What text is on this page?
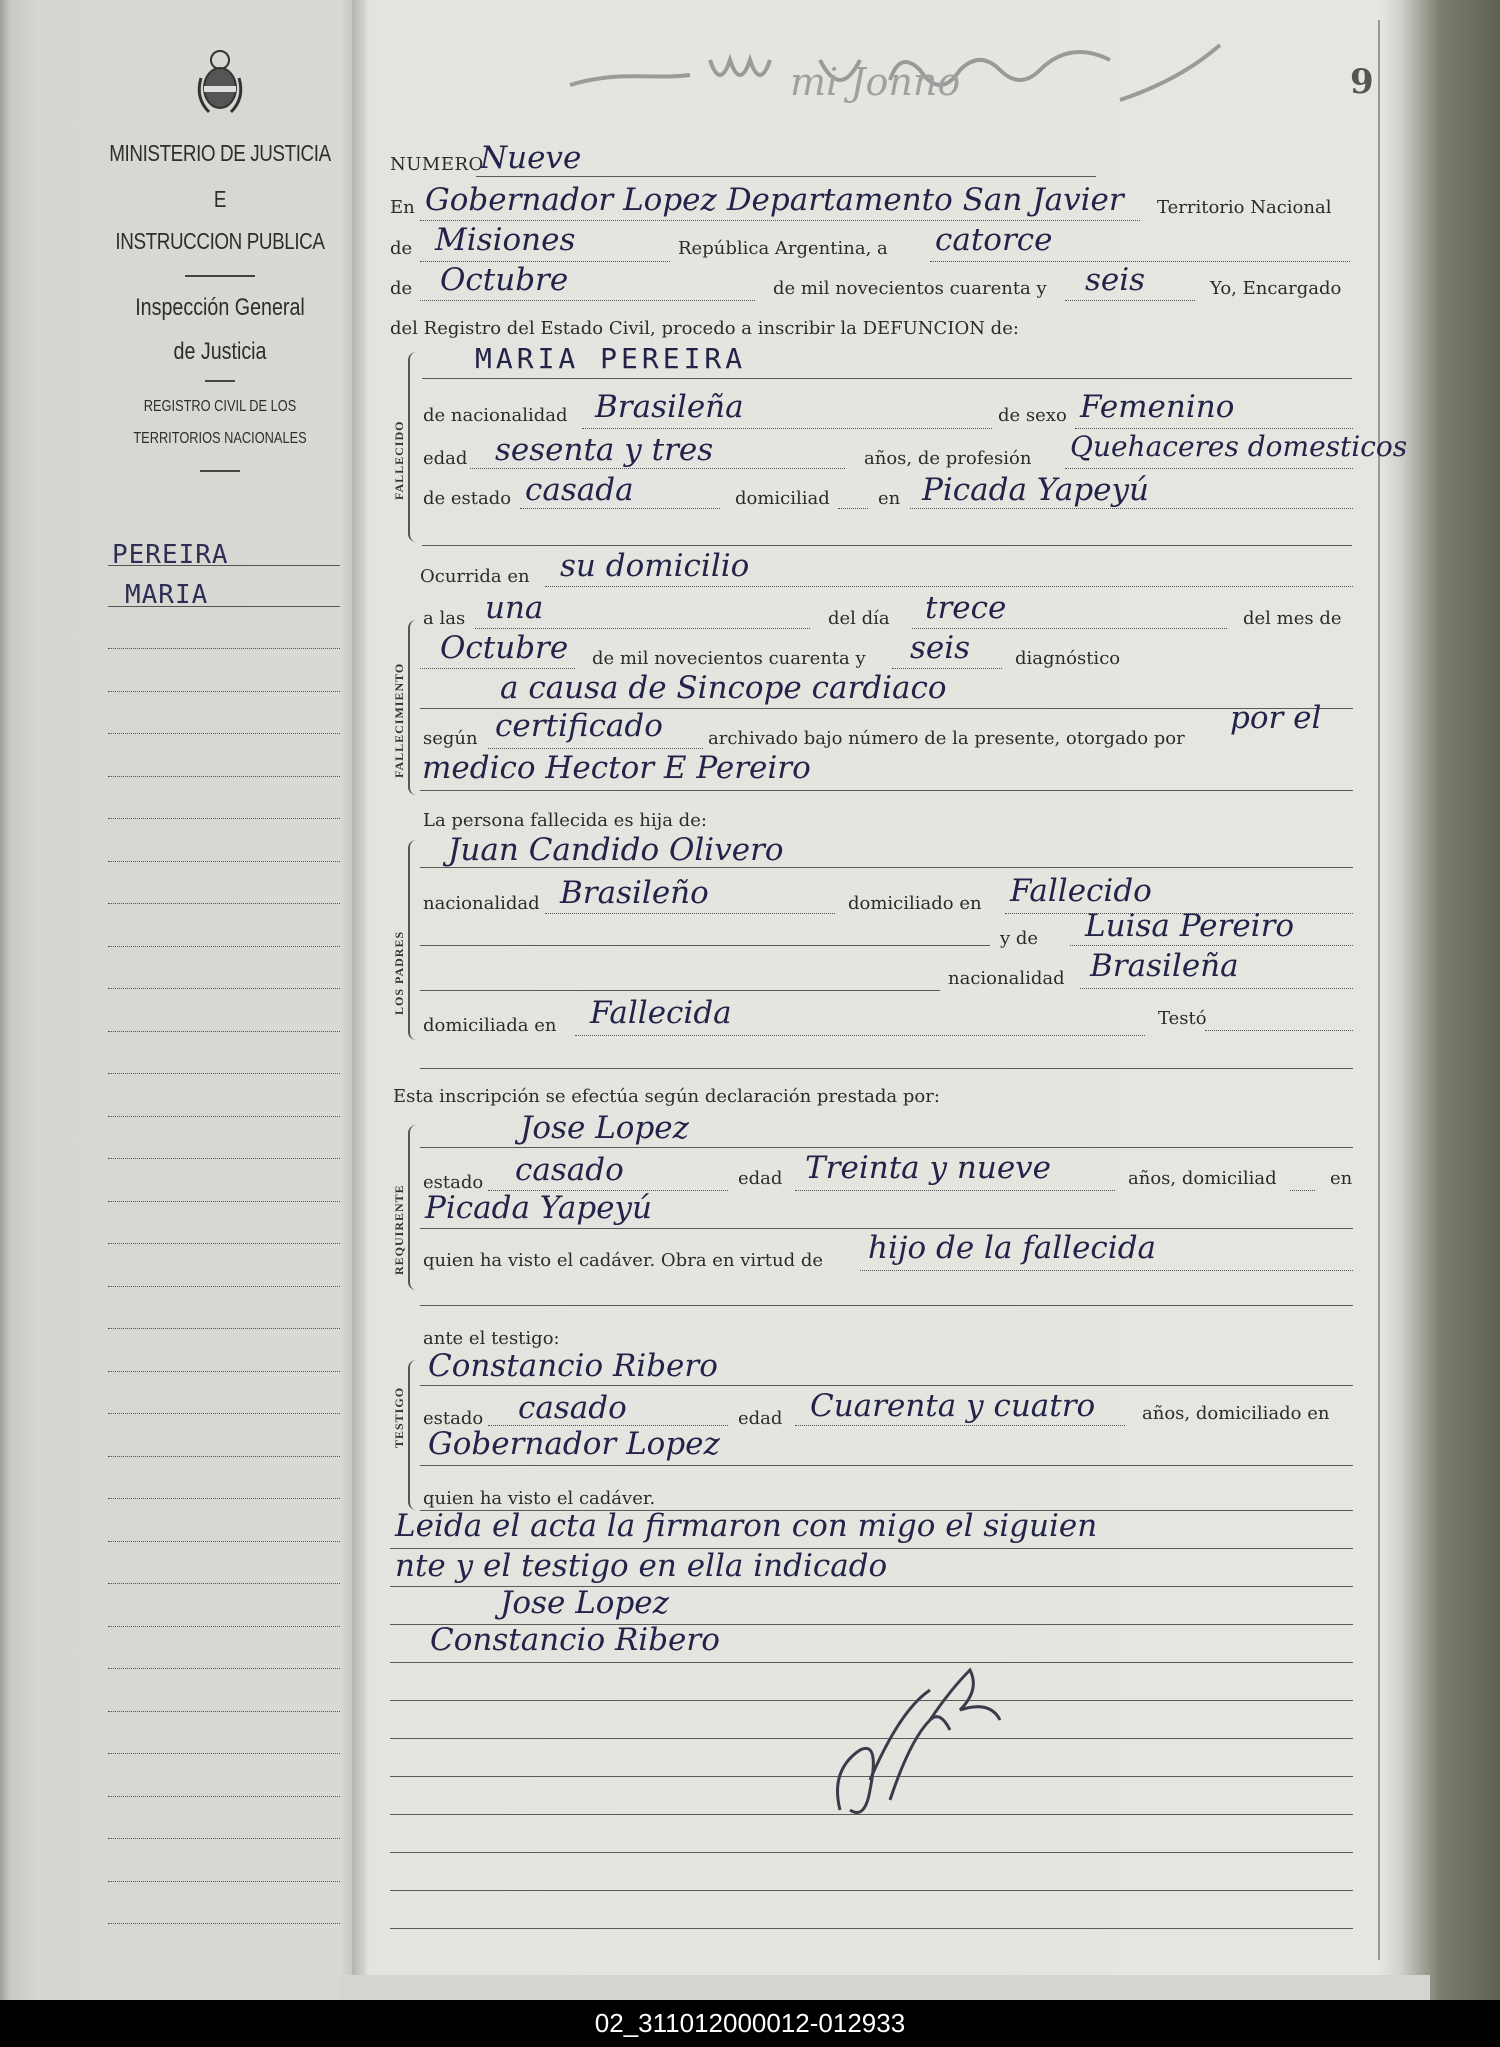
mi Jonno	9
MINISTERIO DE JUSTICIA
E
INSTRUCCION PUBLICA
Inspección General
de Justicia
REGISTRO CIVIL DE LOS
TERRITORIOS NACIONALES
PEREIRA
MARIA
NUMERO
Nueve
En Gobernador Lopez Departamento San Javier Territorio Nacional
de Misiones	República Argentina, a catorce
de Octubre	de mil novecientos cuarenta y seis	Yo, Encargado
del Registro del Estado Civil, procedo a inscribir la DEFUNCION de:
FALLECIDO
MARIA PEREIRA
de nacionalidad Brasileña	de sexo Femenino
edad sesenta y tres	años, de profesión Quehaceres domesticos
de estado casada	domiciliad	en Picada Yapeyú
FALLECIMIENTO
Ocurrida en su domicilio
a las una	del día trece	del mes de
Octubre de mil novecientos cuarenta y seis diagnóstico
a causa de Sincope cardiaco
según certificado	archivado bajo número de la presente, otorgado por
por el
medico Hector E Pereiro
La persona fallecida es hija de:
LOS PADRES
Juan Candido Olivero
nacionalidad Brasileño	domiciliado en Fallecido
y de Luisa Pereiro
nacionalidad Brasileña
domiciliada en Fallecida	Testó
Esta inscripción se efectúa según declaración prestada por:
REQUIRENTE
Jose Lopez
estado casado	edad Treinta y nueve	años, domiciliad	en
Picada Yapeyú
quien ha visto el cadáver. Obra en virtud de hijo de la fallecida
ante el testigo:
TESTIGO
Constancio Ribero
estado casado	edad Cuarenta y cuatro	años, domiciliado en
Gobernador Lopez
quien ha visto el cadáver.
Leida el acta la firmaron con migo el siguien
nte y el testigo en ella indicado
Jose Lopez
Constancio Ribero
02_311012000012-012933
